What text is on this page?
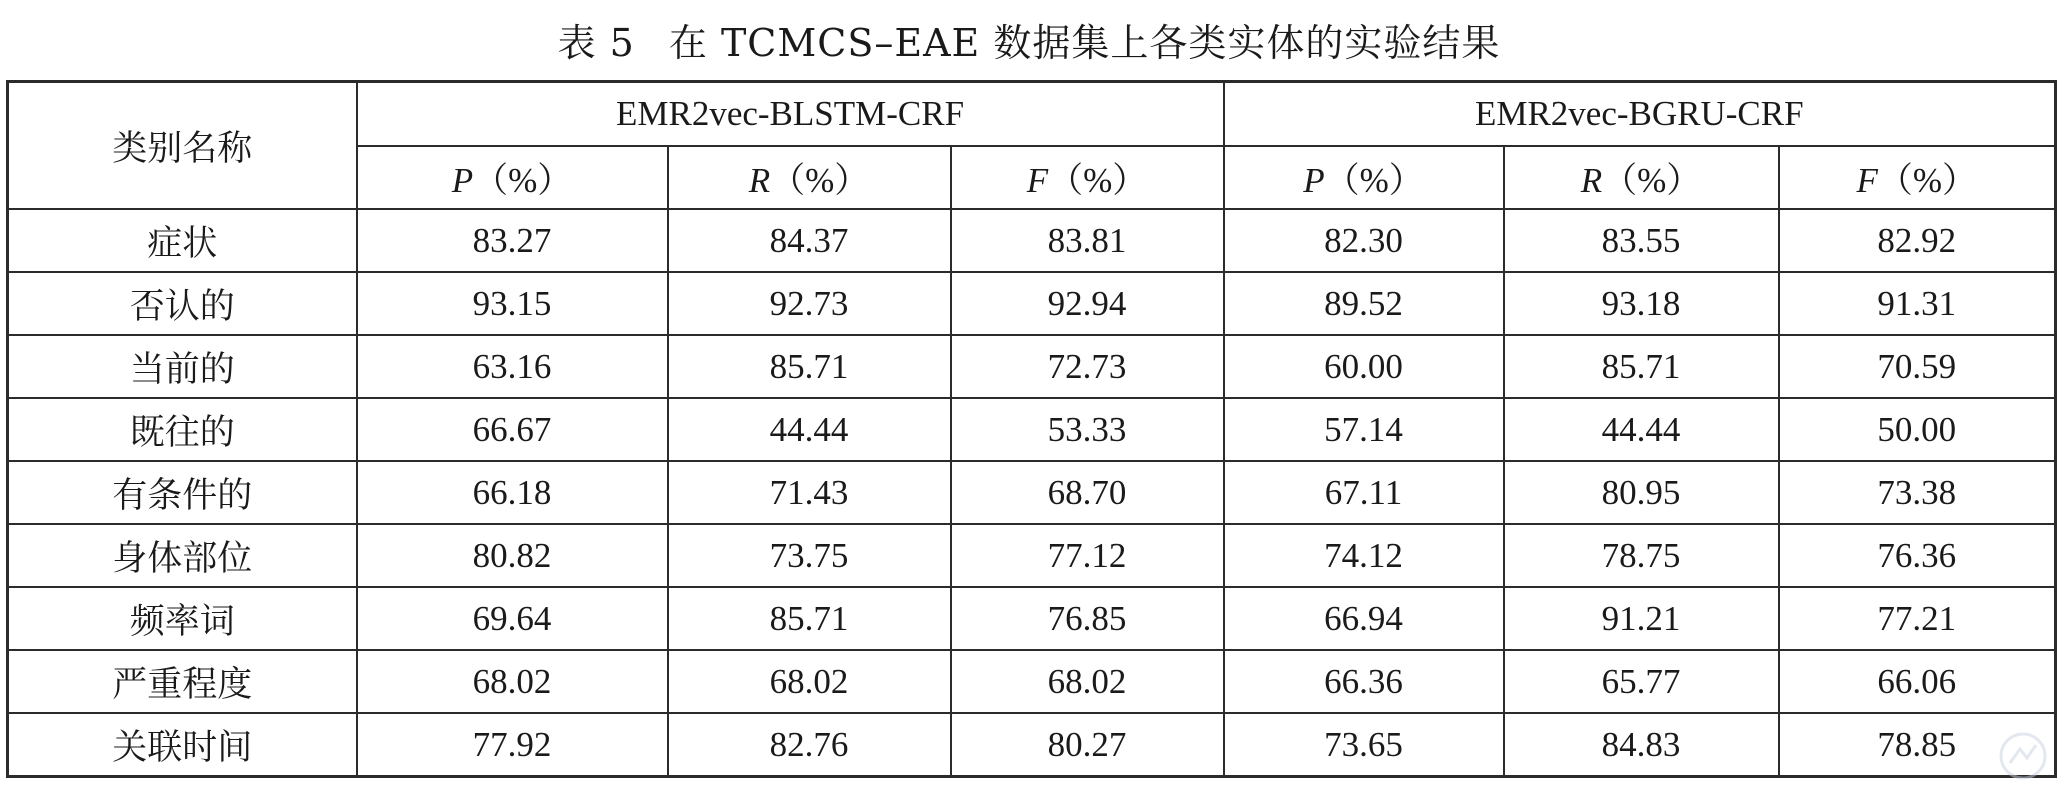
表 5 在 TCMCS–EAE 数据集上各类实体的实验结果
类别名称	EMR2vec-BLSTM-CRF			EMR2vec-BGRU-CRF		
	P（%）	R（%）	F（%）	P（%）	R（%）	F（%）
症状	83.27	84.37	83.81	82.30	83.55	82.92
否认的	93.15	92.73	92.94	89.52	93.18	91.31
当前的	63.16	85.71	72.73	60.00	85.71	70.59
既往的	66.67	44.44	53.33	57.14	44.44	50.00
有条件的	66.18	71.43	68.70	67.11	80.95	73.38
身体部位	80.82	73.75	77.12	74.12	78.75	76.36
频率词	69.64	85.71	76.85	66.94	91.21	77.21
严重程度	68.02	68.02	68.02	66.36	65.77	66.06
关联时间	77.92	82.76	80.27	73.65	84.83	78.85
